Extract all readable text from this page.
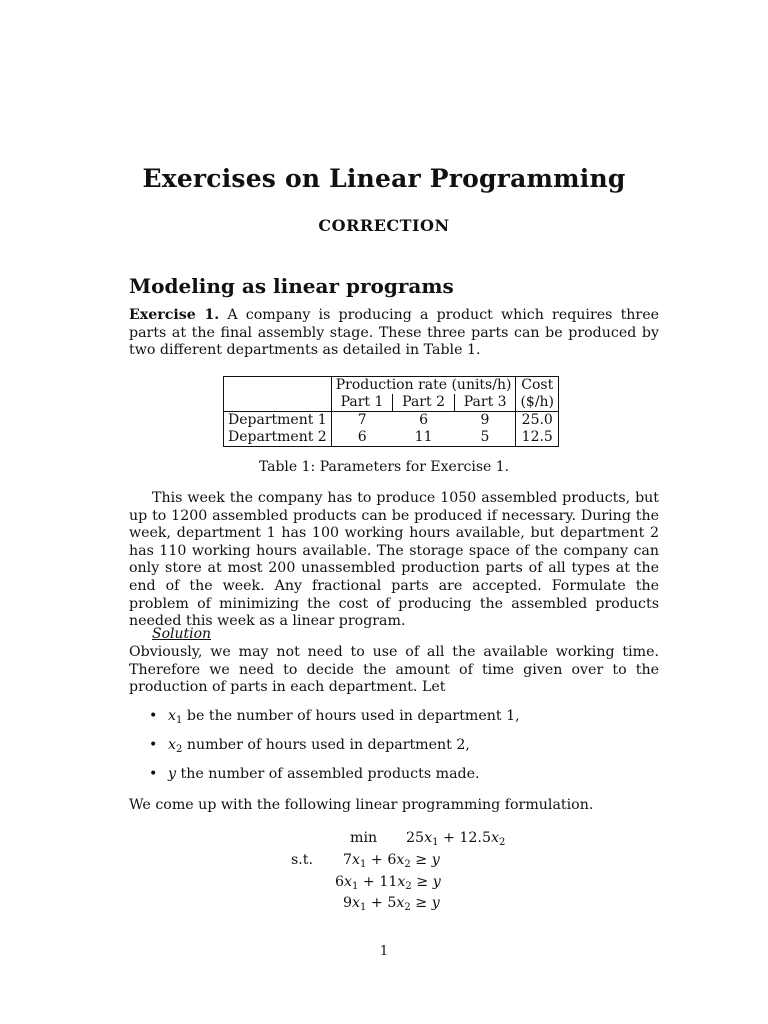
Exercises on Linear Programming
CORRECTION
Modeling as linear programs
Exercise 1. A company is producing a product which requires three parts at the final assembly stage. These three parts can be produced by two different departments as detailed in Table 1.
	Production rate (units/h)			Cost
	Part 1	Part 2	Part 3	($/h)
Department 1	7	6	9	25.0
Department 2	6	11	5	12.5
Table 1: Parameters for Exercise 1.
This week the company has to produce 1050 assembled products, but up to 1200 assembled products can be produced if necessary. During the week, department 1 has 100 working hours available, but department 2 has 110 working hours available. The storage space of the company can only store at most 200 unassembled production parts of all types at the end of the week. Any fractional parts are accepted. Formulate the problem of minimizing the cost of producing the assembled products needed this week as a linear program.
Solution
Obviously, we may not need to use of all the available working time. Therefore we need to decide the amount of time given over to the production of parts in each department. Let
• $x_1$ be the number of hours used in department 1,
• $x_2$ number of hours used in department 2,
• y the number of assembled products made.
We come up with the following linear programming formulation.
$\min 25x_1 + 12.5x_2$
s.t. $7x_1 + 6x_2 \ge y$
$6x_1 + 11x_2 \ge y$
$9x_1 + 5x_2 \ge y$
1
